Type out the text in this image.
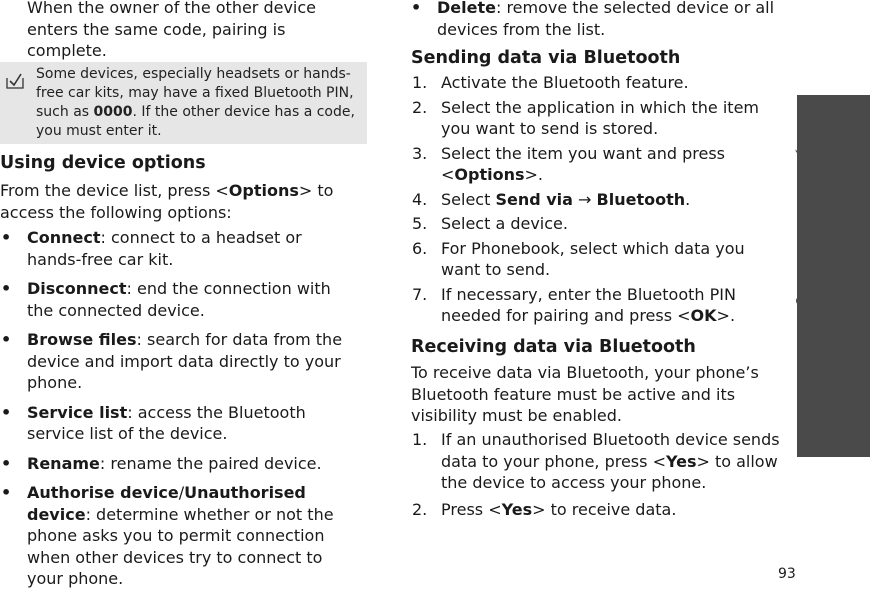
When the owner of the other device enters the same code, pairing is complete.

Some devices, especially headsets or hands-free car kits, may have a fixed Bluetooth PIN, such as 0000. If the other device has a code, you must enter it.

Using device options

From the device list, press <Options> to access the following options:

• Connect: connect to a headset or hands-free car kit.
• Disconnect: end the connection with the connected device.
• Browse files: search for data from the device and import data directly to your phone.
• Service list: access the Bluetooth service list of the device.
• Rename: rename the paired device.
• Authorise device/Unauthorised device: determine whether or not the phone asks you to permit connection when other devices try to connect to your phone.
• Delete: remove the selected device or all devices from the list.
Sending data via Bluetooth
1. Activate the Bluetooth feature.
2. Select the application in which the item you want to send is stored.
3. Select the item you want and press <Options>.
4. Select Send via → Bluetooth.
5. Select a device.
6. For Phonebook, select which data you want to send.
7. If necessary, enter the Bluetooth PIN needed for pairing and press <OK>.
Receiving data via Bluetooth

To receive data via Bluetooth, your phone’s Bluetooth feature must be active and its visibility must be enabled.

1. If an unauthorised Bluetooth device sends data to your phone, press <Yes> to allow the device to access your phone.
2. Press <Yes> to receive data.
Menu functions  Settings (Menu 9)
93
